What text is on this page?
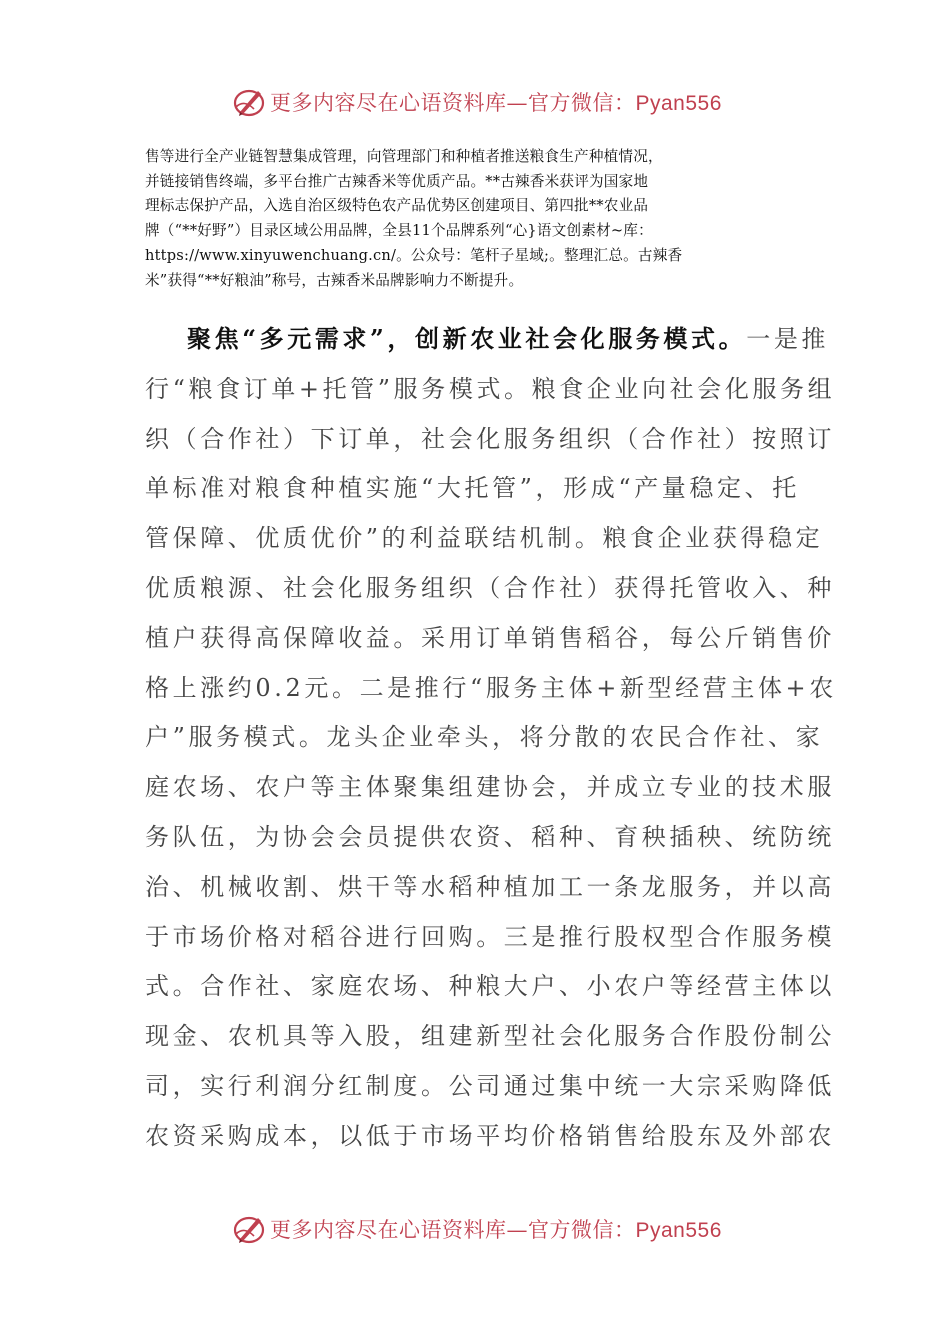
更多内容尽在心语资料库—官方微信：Pyan556
售等进行全产业链智慧集成管理，向管理部门和种植者推送粮食生产种植情况，
并链接销售终端，多平台推广古辣香米等优质产品。**古辣香米获评为国家地
理标志保护产品，入选自治区级特色农产品优势区创建项目、第四批**农业品
牌（“**好野”）目录区域公用品牌，全县11个品牌系列“心}语文创素材~库：
https://www.xinyuwenchuang.cn/。公众号：笔杆子星域;。整理汇总。古辣香
米”获得“**好粮油”称号，古辣香米品牌影响力不断提升。
聚焦“多元需求”，创新农业社会化服务模式。一是推
行“粮食订单+托管”服务模式。粮食企业向社会化服务组
织（合作社）下订单，社会化服务组织（合作社）按照订
单标准对粮食种植实施“大托管”，形成“产量稳定、托
管保障、优质优价”的利益联结机制。粮食企业获得稳定
优质粮源、社会化服务组织（合作社）获得托管收入、种
植户获得高保障收益。采用订单销售稻谷，每公斤销售价
格上涨约0.2元。二是推行“服务主体+新型经营主体+农
户”服务模式。龙头企业牵头，将分散的农民合作社、家
庭农场、农户等主体聚集组建协会，并成立专业的技术服
务队伍，为协会会员提供农资、稻种、育秧插秧、统防统
治、机械收割、烘干等水稻种植加工一条龙服务，并以高
于市场价格对稻谷进行回购。三是推行股权型合作服务模
式。合作社、家庭农场、种粮大户、小农户等经营主体以
现金、农机具等入股，组建新型社会化服务合作股份制公
司，实行利润分红制度。公司通过集中统一大宗采购降低
农资采购成本，以低于市场平均价格销售给股东及外部农
更多内容尽在心语资料库—官方微信：Pyan556
